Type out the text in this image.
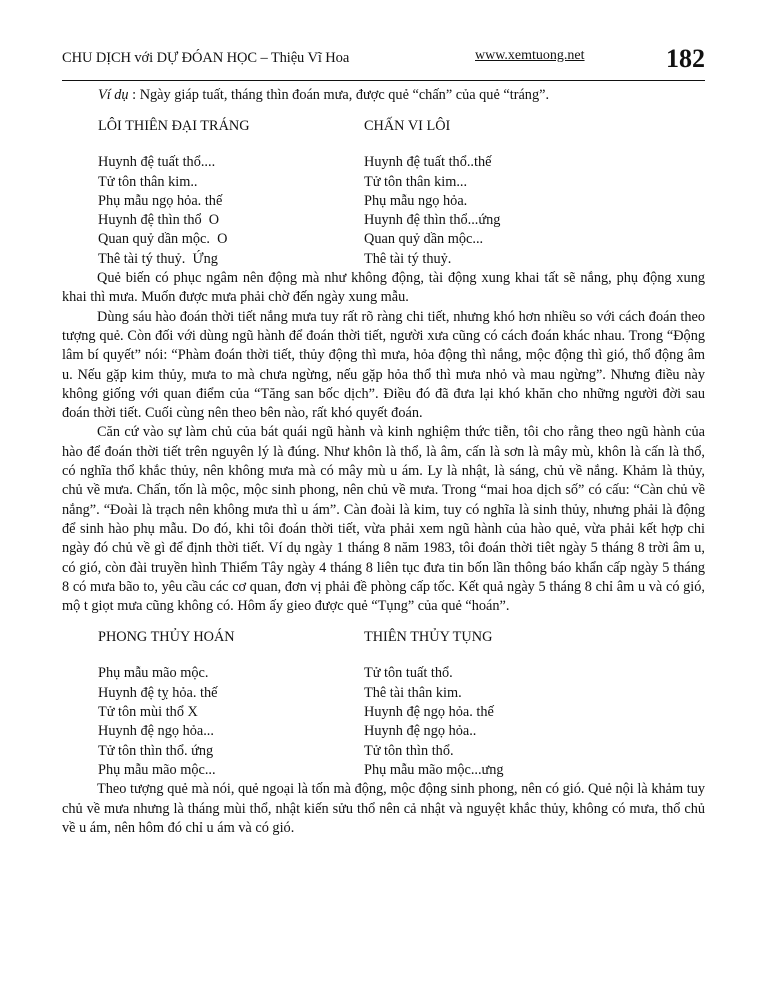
CHU DỊCH với DỰ ĐÓAN HỌC – Thiệu Vĩ Hoa	www.xemtuong.net	182

Ví dụ : Ngày giáp tuất, tháng thìn đoán mưa, được quẻ “chấn” của quẻ “tráng”.

LÔI THIÊN ĐẠI TRÁNG
Huynh đệ tuất thổ....
Tử tôn thân kim..
Phụ mẫu ngọ hỏa. thế
Huynh đệ thìn thổ  O
Quan quỷ dần mộc.  O
Thê tài tý thuỷ.  Ứng
CHẤN VI LÔI
Huynh đệ tuất thổ..thế
Tử tôn thân kim...
Phụ mẫu ngọ hỏa.
Huynh đệ thìn thổ...ứng
Quan quỷ dần mộc...
Thê tài tý thuỷ.

Quẻ biến có phục ngâm nên động mà như không động, tài động xung khai tất sẽ nắng, phụ động xung khai thì mưa. Muốn được mưa phải chờ đến ngày xung mẫu.

Dùng sáu hào đoán thời tiết nắng mưa tuy rất rõ ràng chi tiết, nhưng khó hơn nhiều so với cách đoán theo tượng quẻ. Còn đối với dùng ngũ hành để đoán thời tiết, người xưa cũng có cách đoán khác nhau. Trong “Động lâm bí quyết” nói: “Phàm đoán thời tiết, thủy động thì mưa, hỏa động thì nắng, mộc động thì gió, thổ động âm u. Nếu gặp kim thủy, mưa to mà chưa ngừng, nếu gặp hỏa thổ thì mưa nhỏ và mau ngừng”. Nhưng điều này không giống với quan điểm của “Tăng san bốc dịch”. Điều đó đã đưa lại khó khăn cho những người đời sau đoán thời tiết. Cuối cùng nên theo bên nào, rất khó quyết đoán.

Căn cứ vào sự làm chủ của bát quái ngũ hành và kinh nghiệm thức tiễn, tôi cho rằng theo ngũ hành của hào để đoán thời tiết trên nguyên lý là đúng. Như khôn là thổ, là âm, cấn là sơn là mây mù, khôn là cấn là thổ, có nghĩa thổ khắc thủy, nên không mưa mà có mây mù u ám. Ly là nhật, là sáng, chủ về nắng. Khảm là thủy, chủ về mưa. Chấn, tốn là mộc, mộc sinh phong, nên chủ về mưa. Trong “mai hoa dịch số” có cấu: “Càn chủ về nắng”. “Đoài là trạch nên không mưa thì u ám”. Càn đoài là kim, tuy có nghĩa là sinh thủy, nhưng phải là động để sinh hào phụ mẫu. Do đó, khi tôi đoán thời tiết, vừa phải xem ngũ hành của hào quẻ, vừa phải kết hợp chi ngày đó chủ về gì để định thời tiết. Ví dụ ngày 1 tháng 8 năm 1983, tôi đoán thời tiêt ngày 5 tháng 8 trời âm u, có gió, còn đài truyền hình Thiểm Tây ngày 4 tháng 8 liên tục đưa tin bốn lần thông báo khẩn cấp ngày 5 tháng 8 có mưa bão to, yêu cầu các cơ quan, đơn vị phải đề phòng cấp tốc. Kết quả ngày 5 tháng 8 chỉ âm u và có gió, mộ t giọt mưa cũng không có. Hôm ấy gieo được quẻ “Tụng” của quẻ “hoán”.

PHONG THỦY HOÁN
Phụ mẫu mão mộc.
Huynh đệ tỵ hỏa. thế
Tử tôn mùi thổ X
Huynh đệ ngọ hỏa...
Tử tôn thìn thổ. ứng
Phụ mẫu mão mộc...
THIÊN THỦY TỤNG
Tử tôn tuất thổ.
Thê tài thân kim.
Huynh đệ ngọ hỏa. thế
Huynh đệ ngọ hỏa..
Tử tôn thìn thổ.
Phụ mẫu mão mộc...ưng

Theo tượng quẻ mà nói, quẻ ngoại là tốn mà động, mộc động sinh phong, nên có gió. Quẻ nội là khảm tuy chủ về mưa nhưng là tháng mùi thổ, nhật kiến sửu thổ nên cả nhật và nguyệt khắc thủy, không có mưa, thổ chủ về u ám, nên hôm đó chỉ u ám và có gió.
